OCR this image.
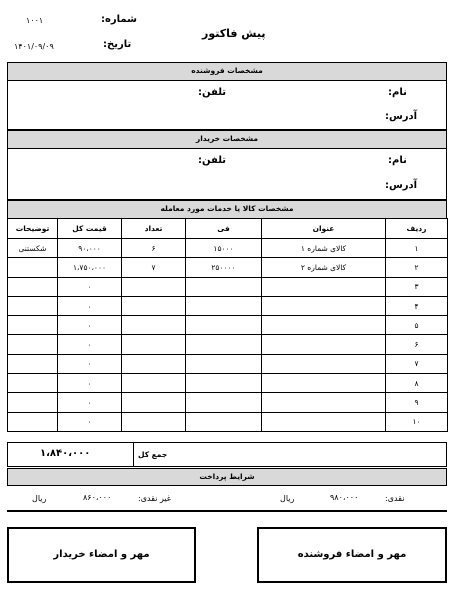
شماره:
۱۰۰۱
تاریخ:
۱۴۰۱/۰۹/۰۹
پیش فاکتور
مشخصات فروشنده
نام:
تلفن:
آدرس:
مشخصات خریدار
نام:
تلفن:
آدرس:
مشخصات کالا یا خدمات مورد معامله
ردیف	عنوان	فی	تعداد	قیمت کل	توضیحات
۱	کالای شماره ۱	۱۵۰۰۰	۶	۹۰،۰۰۰	شکستنی
۲	کالای شماره ۲	۲۵۰۰۰۰	۷	۱،۷۵۰،۰۰۰	
۳				۰	
۴				۰	
۵				۰	
۶				۰	
۷				۰	
۸				۰	
۹				۰	
۱۰				۰	
۱،۸۴۰،۰۰۰	جمع کل
شرایط پرداخت
نقدی:
۹۸۰،۰۰۰
ریال
غیر نقدی:
۸۶۰،۰۰۰
ریال
مهر و امضاء فروشنده
مهر و امضاء خریدار
